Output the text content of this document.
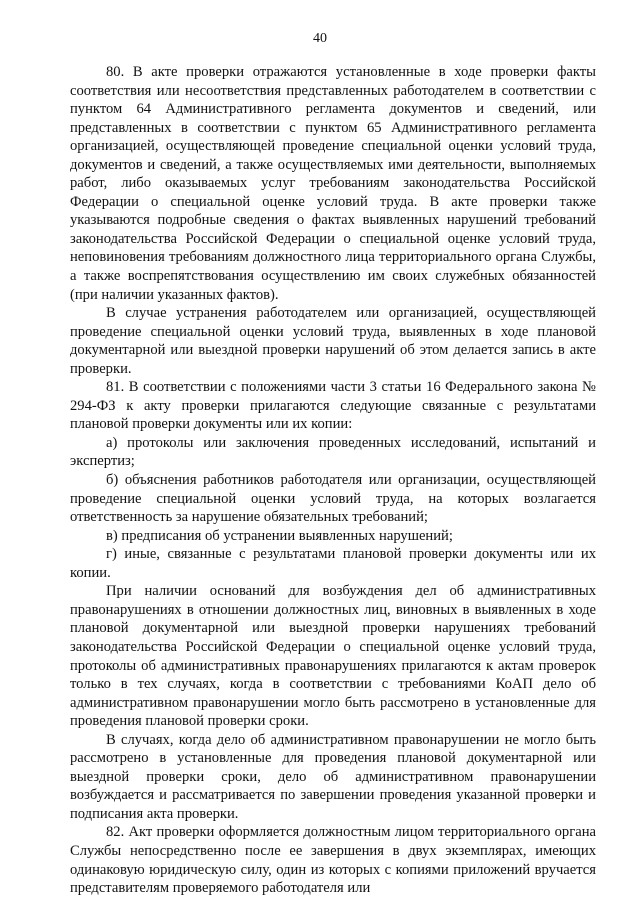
40

80. В акте проверки отражаются установленные в ходе проверки факты соответствия или несоответствия представленных работодателем в соответствии с пунктом 64 Административного регламента документов и сведений, или представленных в соответствии с пунктом 65 Административного регламента организацией, осуществляющей проведение специальной оценки условий труда, документов и сведений, а также осуществляемых ими деятельности, выполняемых работ, либо оказываемых услуг требованиям законодательства Российской Федерации о специальной оценке условий труда. В акте проверки также указываются подробные сведения о фактах выявленных нарушений требований законодательства Российской Федерации о специальной оценке условий труда, неповиновения требованиям должностного лица территориального органа Службы, а также воспрепятствования осуществлению им своих служебных обязанностей (при наличии указанных фактов).

В случае устранения работодателем или организацией, осуществляющей проведение специальной оценки условий труда, выявленных в ходе плановой документарной или выездной проверки нарушений об этом делается запись в акте проверки.

81. В соответствии с положениями части 3 статьи 16 Федерального закона № 294-ФЗ к акту проверки прилагаются следующие связанные с результатами плановой проверки документы или их копии:

а) протоколы или заключения проведенных исследований, испытаний и экспертиз;

б) объяснения работников работодателя или организации, осуществляющей проведение специальной оценки условий труда, на которых возлагается ответственность за нарушение обязательных требований;

в) предписания об устранении выявленных нарушений;

г) иные, связанные с результатами плановой проверки документы или их копии.

При наличии оснований для возбуждения дел об административных правонарушениях в отношении должностных лиц, виновных в выявленных в ходе плановой документарной или выездной проверки нарушениях требований законодательства Российской Федерации о специальной оценке условий труда, протоколы об административных правонарушениях прилагаются к актам проверок только в тех случаях, когда в соответствии с требованиями КоАП дело об административном правонарушении могло быть рассмотрено в установленные для проведения плановой проверки сроки.

В случаях, когда дело об административном правонарушении не могло быть рассмотрено в установленные для проведения плановой документарной или выездной проверки сроки, дело об административном правонарушении возбуждается и рассматривается по завершении проведения указанной проверки и подписания акта проверки.

82. Акт проверки оформляется должностным лицом территориального органа Службы непосредственно после ее завершения в двух экземплярах, имеющих одинаковую юридическую силу, один из которых с копиями приложений вручается представителям проверяемого работодателя или
